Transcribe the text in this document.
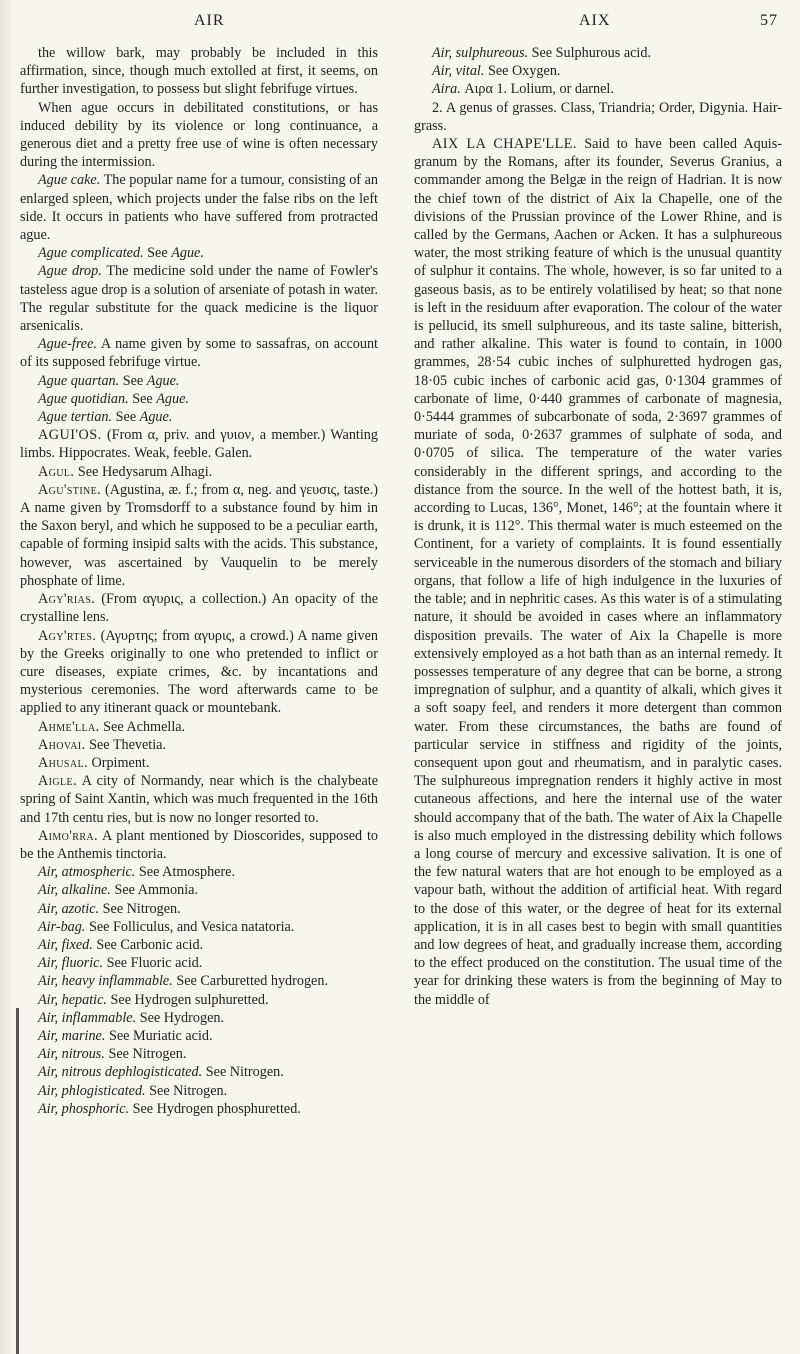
AIR	AIX	57

the willow bark, may probably be included in this affirmation, since, though much extolled at first, it seems, on further investigation, to possess but slight febrifuge virtues.

When ague occurs in debilitated constitutions, or has induced debility by its violence or long continuance, a generous diet and a pretty free use of wine is often necessary during the intermission.

Ague cake. The popular name for a tumour, consisting of an enlarged spleen, which projects under the false ribs on the left side. It occurs in patients who have suffered from protracted ague.

Ague complicated. See Ague.

Ague drop. The medicine sold under the name of Fowler's tasteless ague drop is a solution of arseniate of potash in water. The regular substitute for the quack medicine is the liquor arsenicalis.

Ague-free. A name given by some to sassafras, on account of its supposed febrifuge virtue.

Ague quartan. See Ague.

Ague quotidian. See Ague.

Ague tertian. See Ague.

AGUI'OS. (From α, priv. and γυιον, a member.) Wanting limbs. Hippocrates. Weak, feeble. Galen.

Agul. See Hedysarum Alhagi.

Agu'stine. (Agustina, æ. f.; from α, neg. and γευσις, taste.) A name given by Tromsdorff to a substance found by him in the Saxon beryl, and which he supposed to be a peculiar earth, capable of forming insipid salts with the acids. This substance, however, was ascertained by Vauquelin to be merely phosphate of lime.

Agy'rias. (From αγυρις, a collection.) An opacity of the crystalline lens.

Agy'rtes. (Αγυρτης; from αγυρις, a crowd.) A name given by the Greeks originally to one who pretended to inflict or cure diseases, expiate crimes, &c. by incantations and mysterious ceremonies. The word afterwards came to be applied to any itinerant quack or mountebank.

Ahme'lla. See Achmella.

Ahovai. See Thevetia.

Ahusal. Orpiment.

Aigle. A city of Normandy, near which is the chalybeate spring of Saint Xantin, which was much frequented in the 16th and 17th centu ries, but is now no longer resorted to.

Aimo'rra. A plant mentioned by Dioscorides, supposed to be the Anthemis tinctoria.

Air, atmospheric. See Atmosphere.

Air, alkaline. See Ammonia.

Air, azotic. See Nitrogen.

Air-bag. See Folliculus, and Vesica natatoria.

Air, fixed. See Carbonic acid.

Air, fluoric. See Fluoric acid.

Air, heavy inflammable. See Carburetted hydrogen.

Air, hepatic. See Hydrogen sulphuretted.

Air, inflammable. See Hydrogen.

Air, marine. See Muriatic acid.

Air, nitrous. See Nitrogen.

Air, nitrous dephlogisticated. See Nitrogen.

Air, phlogisticated. See Nitrogen.

Air, phosphoric. See Hydrogen phosphuretted.

Air, sulphureous. See Sulphurous acid.

Air, vital. See Oxygen.

Aira. Αιρα 1. Lolium, or darnel.

2. A genus of grasses. Class, Triandria; Order, Digynia. Hair-grass.

AIX LA CHAPE'LLE. Said to have been called Aquis-granum by the Romans, after its founder, Severus Granius, a commander among the Belgæ in the reign of Hadrian. It is now the chief town of the district of Aix la Chapelle, one of the divisions of the Prussian province of the Lower Rhine, and is called by the Germans, Aachen or Acken. It has a sulphureous water, the most striking feature of which is the unusual quantity of sulphur it contains. The whole, however, is so far united to a gaseous basis, as to be entirely volatilised by heat; so that none is left in the residuum after evaporation. The colour of the water is pellucid, its smell sulphureous, and its taste saline, bitterish, and rather alkaline. This water is found to contain, in 1000 grammes, 28·54 cubic inches of sulphuretted hydrogen gas, 18·05 cubic inches of carbonic acid gas, 0·1304 grammes of carbonate of lime, 0·440 grammes of carbonate of magnesia, 0·5444 grammes of subcarbonate of soda, 2·3697 grammes of muriate of soda, 0·2637 grammes of sulphate of soda, and 0·0705 of silica. The temperature of the water varies considerably in the different springs, and according to the distance from the source. In the well of the hottest bath, it is, according to Lucas, 136°, Monet, 146°; at the fountain where it is drunk, it is 112°. This thermal water is much esteemed on the Continent, for a variety of complaints. It is found essentially serviceable in the numerous disorders of the stomach and biliary organs, that follow a life of high indulgence in the luxuries of the table; and in nephritic cases. As this water is of a stimulating nature, it should be avoided in cases where an inflammatory disposition prevails. The water of Aix la Chapelle is more extensively employed as a hot bath than as an internal remedy. It possesses temperature of any degree that can be borne, a strong impregnation of sulphur, and a quantity of alkali, which gives it a soft soapy feel, and renders it more detergent than common water. From these circumstances, the baths are found of particular service in stiffness and rigidity of the joints, consequent upon gout and rheumatism, and in paralytic cases. The sulphureous impregnation renders it highly active in most cutaneous affections, and here the internal use of the water should accompany that of the bath. The water of Aix la Chapelle is also much employed in the distressing debility which follows a long course of mercury and excessive salivation. It is one of the few natural waters that are hot enough to be employed as a vapour bath, without the addition of artificial heat. With regard to the dose of this water, or the degree of heat for its external application, it is in all cases best to begin with small quantities and low degrees of heat, and gradually increase them, according to the effect produced on the constitution. The usual time of the year for drinking these waters is from the beginning of May to the middle of
